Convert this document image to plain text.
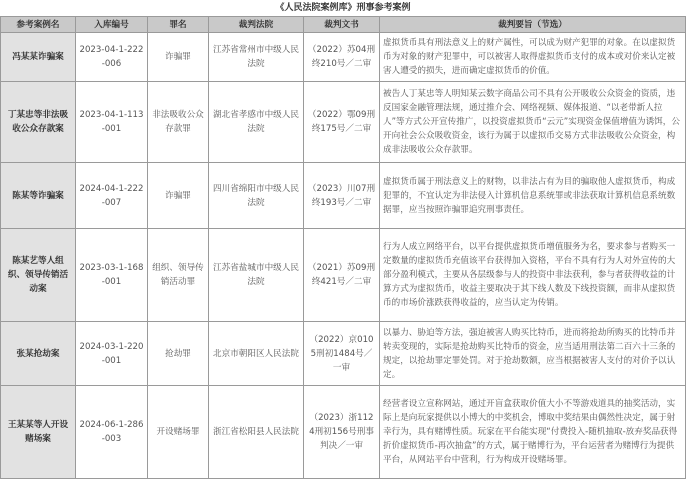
《人民法院案例库》刑事参考案例
参考案例名	入库编号	罪名	裁判法院	裁判文书	裁判要旨（节选）
冯某某诈骗案	2023-04-1-222-006	诈骗罪	江苏省常州市中级人民法院	（2022）苏04刑终210号／二审	虚拟货币具有刑法意义上的财产属性，可以成为财产犯罪的对象。在以虚拟货币为对象的财产犯罪中，可以被害人取得虚拟货币支付的成本或对价来认定被害人遭受的损失，进而确定虚拟货币的价值。
丁某忠等非法吸收公众存款案	2023-04-1-113-001	非法吸收公众存款罪	湖北省孝感市中级人民法院	（2022）鄂09刑终175号／二审	被告人丁某忠等人明知某云数字商品公司不具有公开吸收公众资金的资质，违反国家金融管理法规，通过推介会、网络视频、媒体报道、“以老带新人拉人”等方式公开宣传推广，以投资虚拟货币“云元”实现资金保值增值为诱饵，公开向社会公众吸收资金，该行为属于以虚拟币交易方式非法吸收公众资金，构成非法吸收公众存款罪。
陈某等诈骗案	2024-04-1-222-007	诈骗罪	四川省绵阳市中级人民法院	（2023）川07刑终193号／二审	虚拟货币属于刑法意义上的财物，以非法占有为目的骗取他人虚拟货币，构成犯罪的，不宜认定为非法侵入计算机信息系统罪或非法获取计算机信息系统数据罪，应当按照诈骗罪追究刑事责任。
陈某艺等人组织、领导传销活动案	2023-03-1-168-001	组织、领导传销活动罪	江苏省盐城市中级人民法院	（2021）苏09刑终421号／二审	行为人成立网络平台，以平台提供虚拟货币增值服务为名，要求参与者购买一定数量的虚拟货币充值该平台获得加入资格，平台不具有行为人对外宣传的大部分盈利模式，主要从各层级参与人的投资中非法获利，参与者获得收益的计算方式为虚拟货币，收益主要取决于其下线人数及下线投资额，而非从虚拟货币的市场价涨跌获得收益的，应当认定为传销。
张某抢劫案	2024-03-1-220-001	抢劫罪	北京市朝阳区人民法院	（2022）京0105刑初1484号／一审	以暴力、胁迫等方法，强迫被害人购买比特币，进而将抢劫所购买的比特币并转卖变现的，实际是抢劫购买比特币的资金，应当适用刑法第二百六十三条的规定，以抢劫罪定罪处罚。对于抢劫数额，应当根据被害人支付的对价予以认定。
王某某等人开设赌场案	2024-06-1-286-003	开设赌场罪	浙江省松阳县人民法院	（2023）浙1124刑初156号刑事判决／一审	经营者设立宣称网站，通过开盲盒获取价值大小不等游戏道具的抽奖活动，实际上是向玩家提供以小博大的中奖机会，博取中奖结果由偶然性决定，属于射幸行为，具有赌博性质。玩家在平台能实现“付费投入-随机抽取-放弃奖品获得折价虚拟货币-再次抽盒”的方式，属于赌博行为，平台运营者为赌博行为提供平台，从网站平台中营利，行为构成开设赌场罪。
